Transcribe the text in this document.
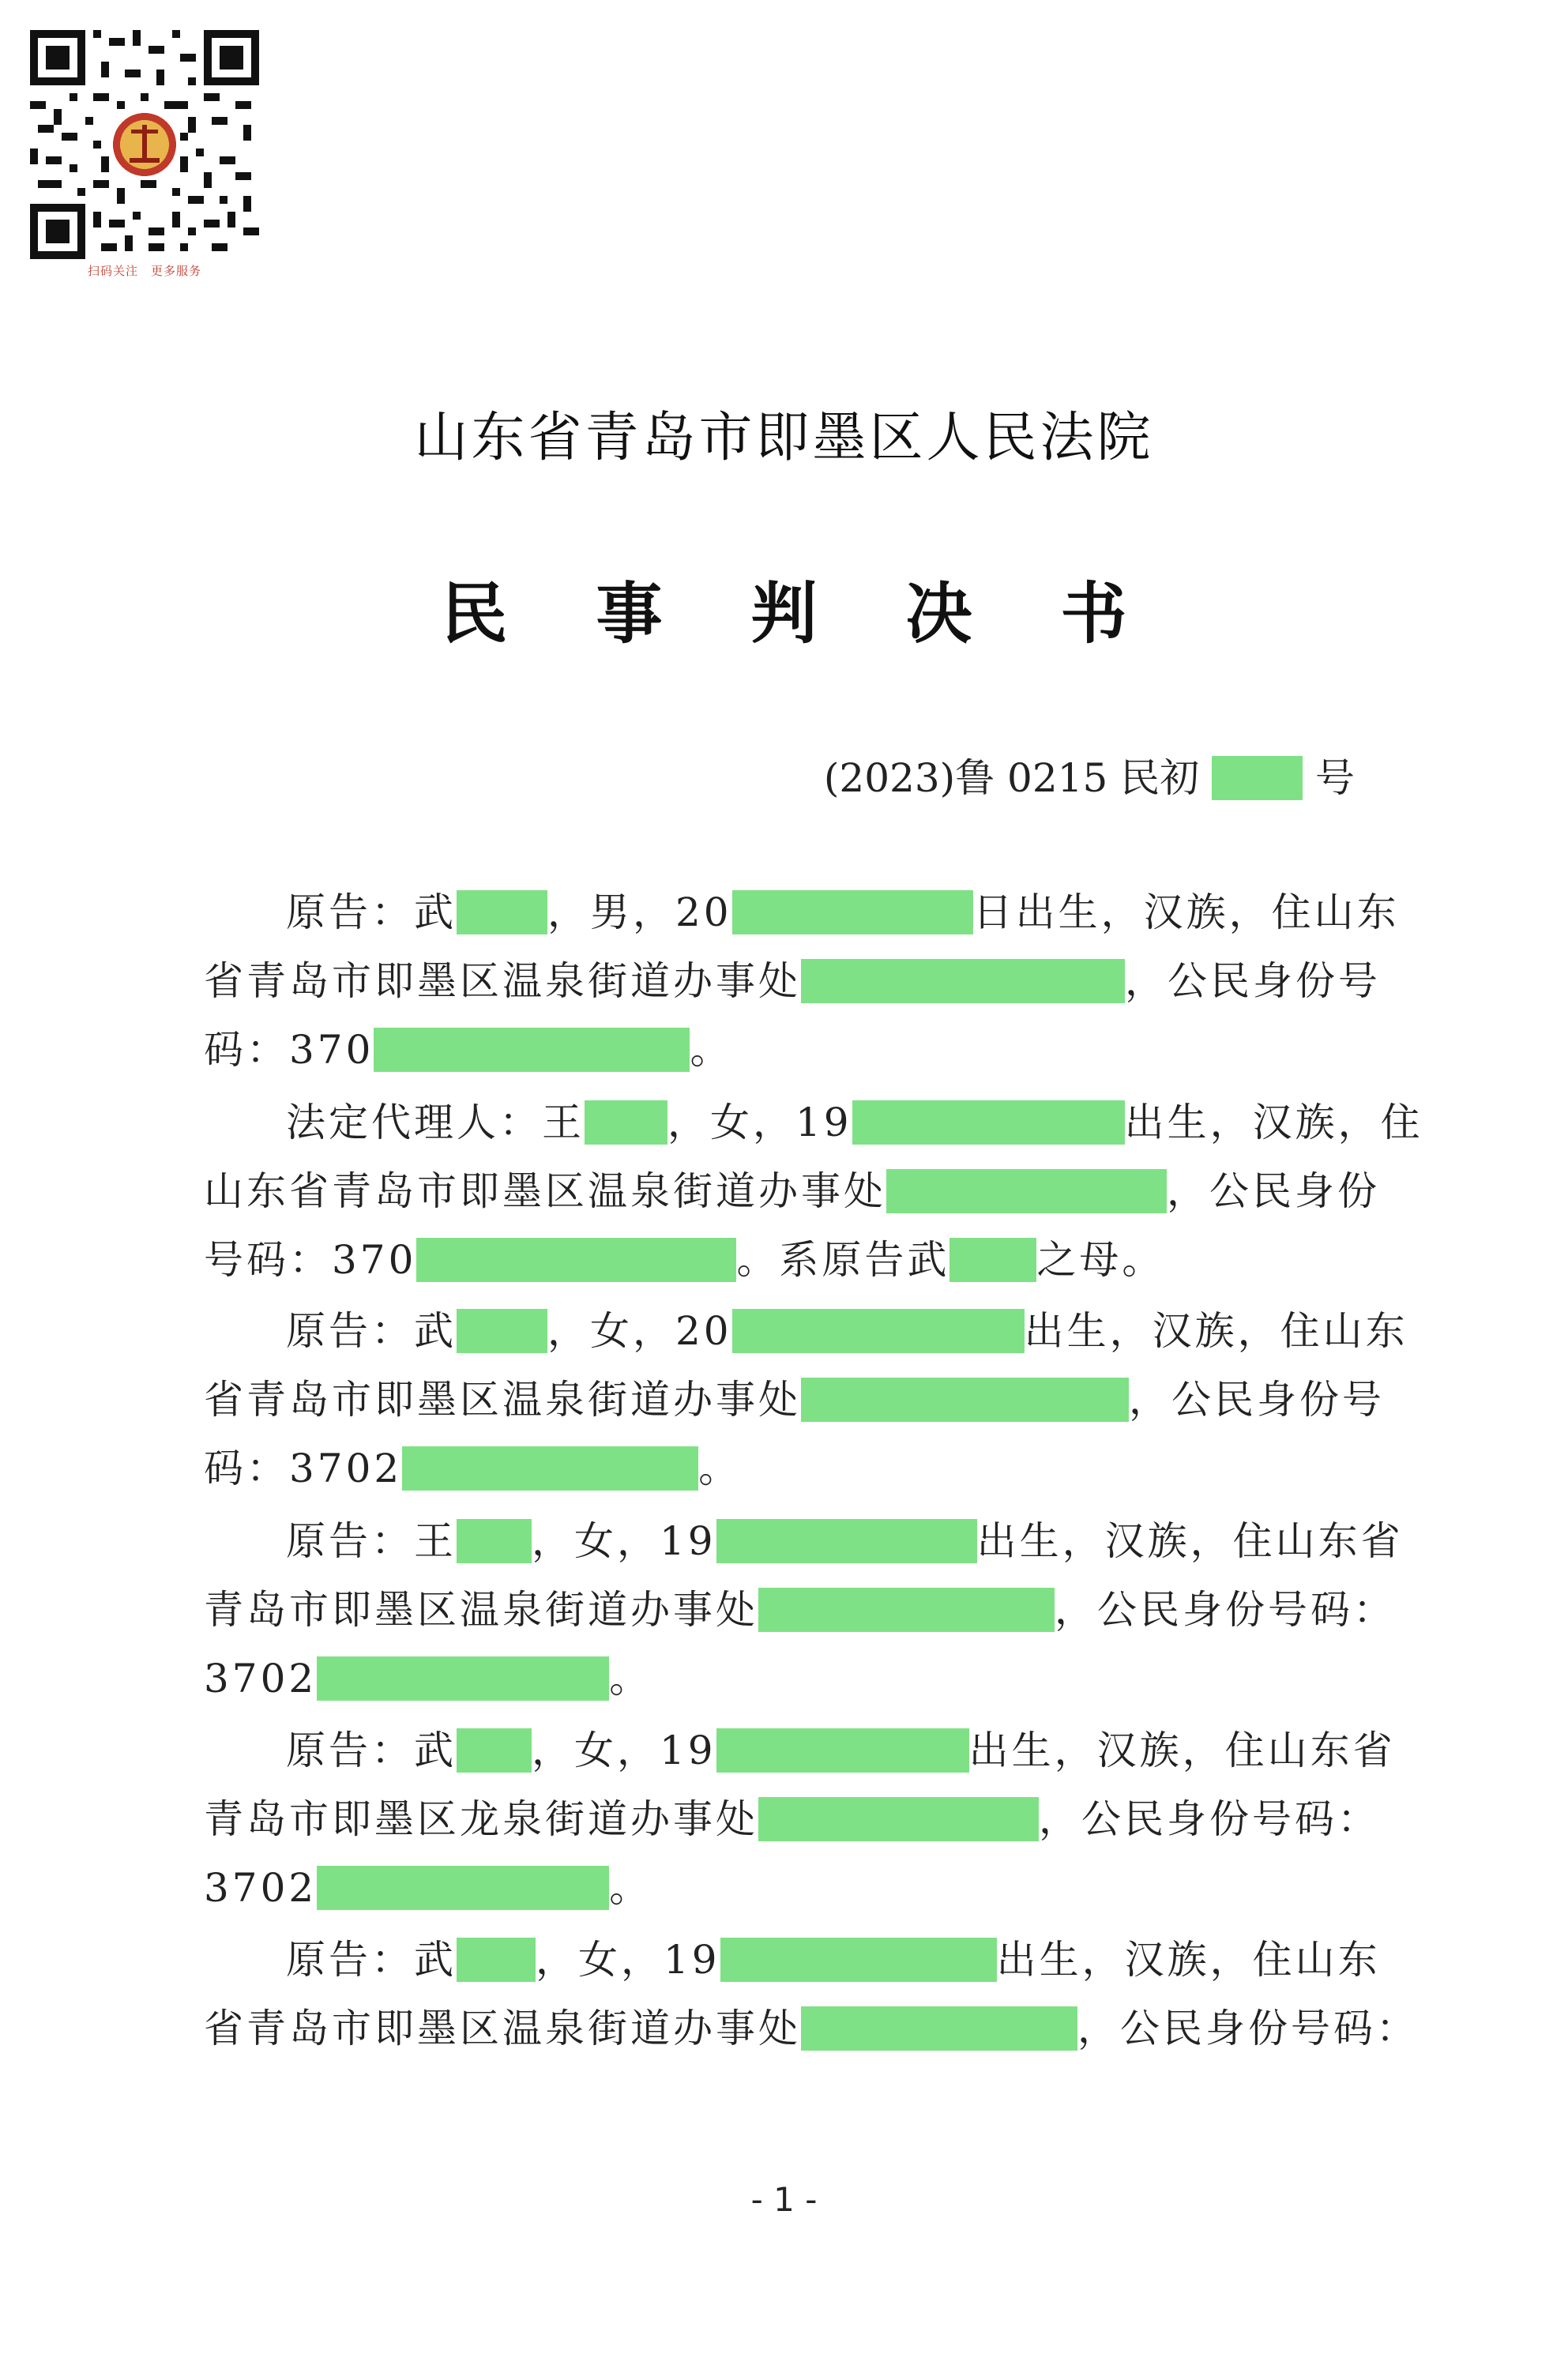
扫码关注　更多服务
山东省青岛市即墨区人民法院
民事判决书
(2023)鲁 0215 民初	号
原告：武 ，男，20	日出生，汉族，住山东
省青岛市即墨区温泉街道办事处	，公民身份号
码：370	。
法定代理人：王 ，女，19	出生，汉族，住
山东省青岛市即墨区温泉街道办事处	，公民身份
号码：370	。系原告武 之母。
原告：武 ，女，20	出生，汉族，住山东
省青岛市即墨区温泉街道办事处	，公民身份号
码：3702	。
原告：王 ，女，19	出生，汉族，住山东省
青岛市即墨区温泉街道办事处	，公民身份号码：
3702	。
原告：武 ，女，19	出生，汉族，住山东省
青岛市即墨区龙泉街道办事处	，公民身份号码：
3702	。
原告：武 ，女，19	出生，汉族，住山东
省青岛市即墨区温泉街道办事处	，公民身份号码：
- 1 -
